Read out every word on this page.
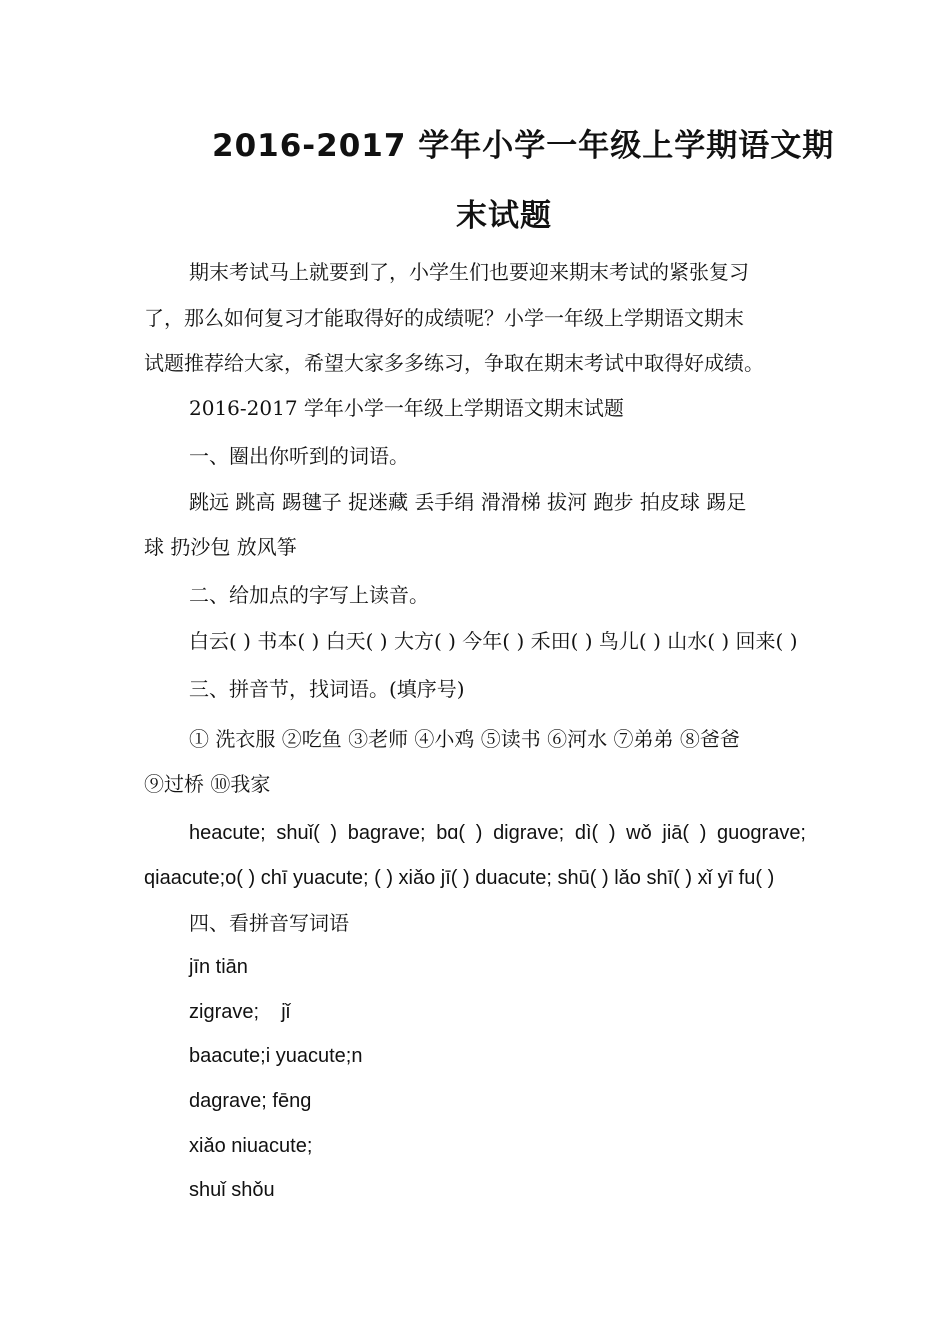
2016-2017 学年小学一年级上学期语文期
末试题
期末考试马上就要到了，小学生们也要迎来期末考试的紧张复习
了，那么如何复习才能取得好的成绩呢？小学一年级上学期语文期末
试题推荐给大家，希望大家多多练习，争取在期末考试中取得好成绩。
2016-2017 学年小学一年级上学期语文期末试题
一、圈出你听到的词语。
跳远 跳高 踢毽子 捉迷藏 丢手绢 滑滑梯 拔河 跑步 拍皮球 踢足
球 扔沙包 放风筝
二、给加点的字写上读音。
白云( ) 书本( ) 白天( ) 大方( ) 今年( ) 禾田( ) 鸟儿( ) 山水( ) 回来( )
三、拼音节，找词语。(填序号)
① 洗衣服 ②吃鱼 ③老师 ④小鸡 ⑤读书 ⑥河水 ⑦弟弟 ⑧爸爸
⑨过桥 ⑩我家
heacute; shuǐ( ) bagrave; bɑ( ) digrave; dì( ) wǒ jiā( ) guograve;
qiaacute;o( ) chī yuacute; ( ) xiǎo jī( ) duacute; shū( ) lǎo shī( ) xǐ yī fu( )
四、看拼音写词语
jīn tiān
zigrave;    jǐ
baacute;i yuacute;n
dagrave; fēng
xiǎo niuacute;
shuǐ shǒu
